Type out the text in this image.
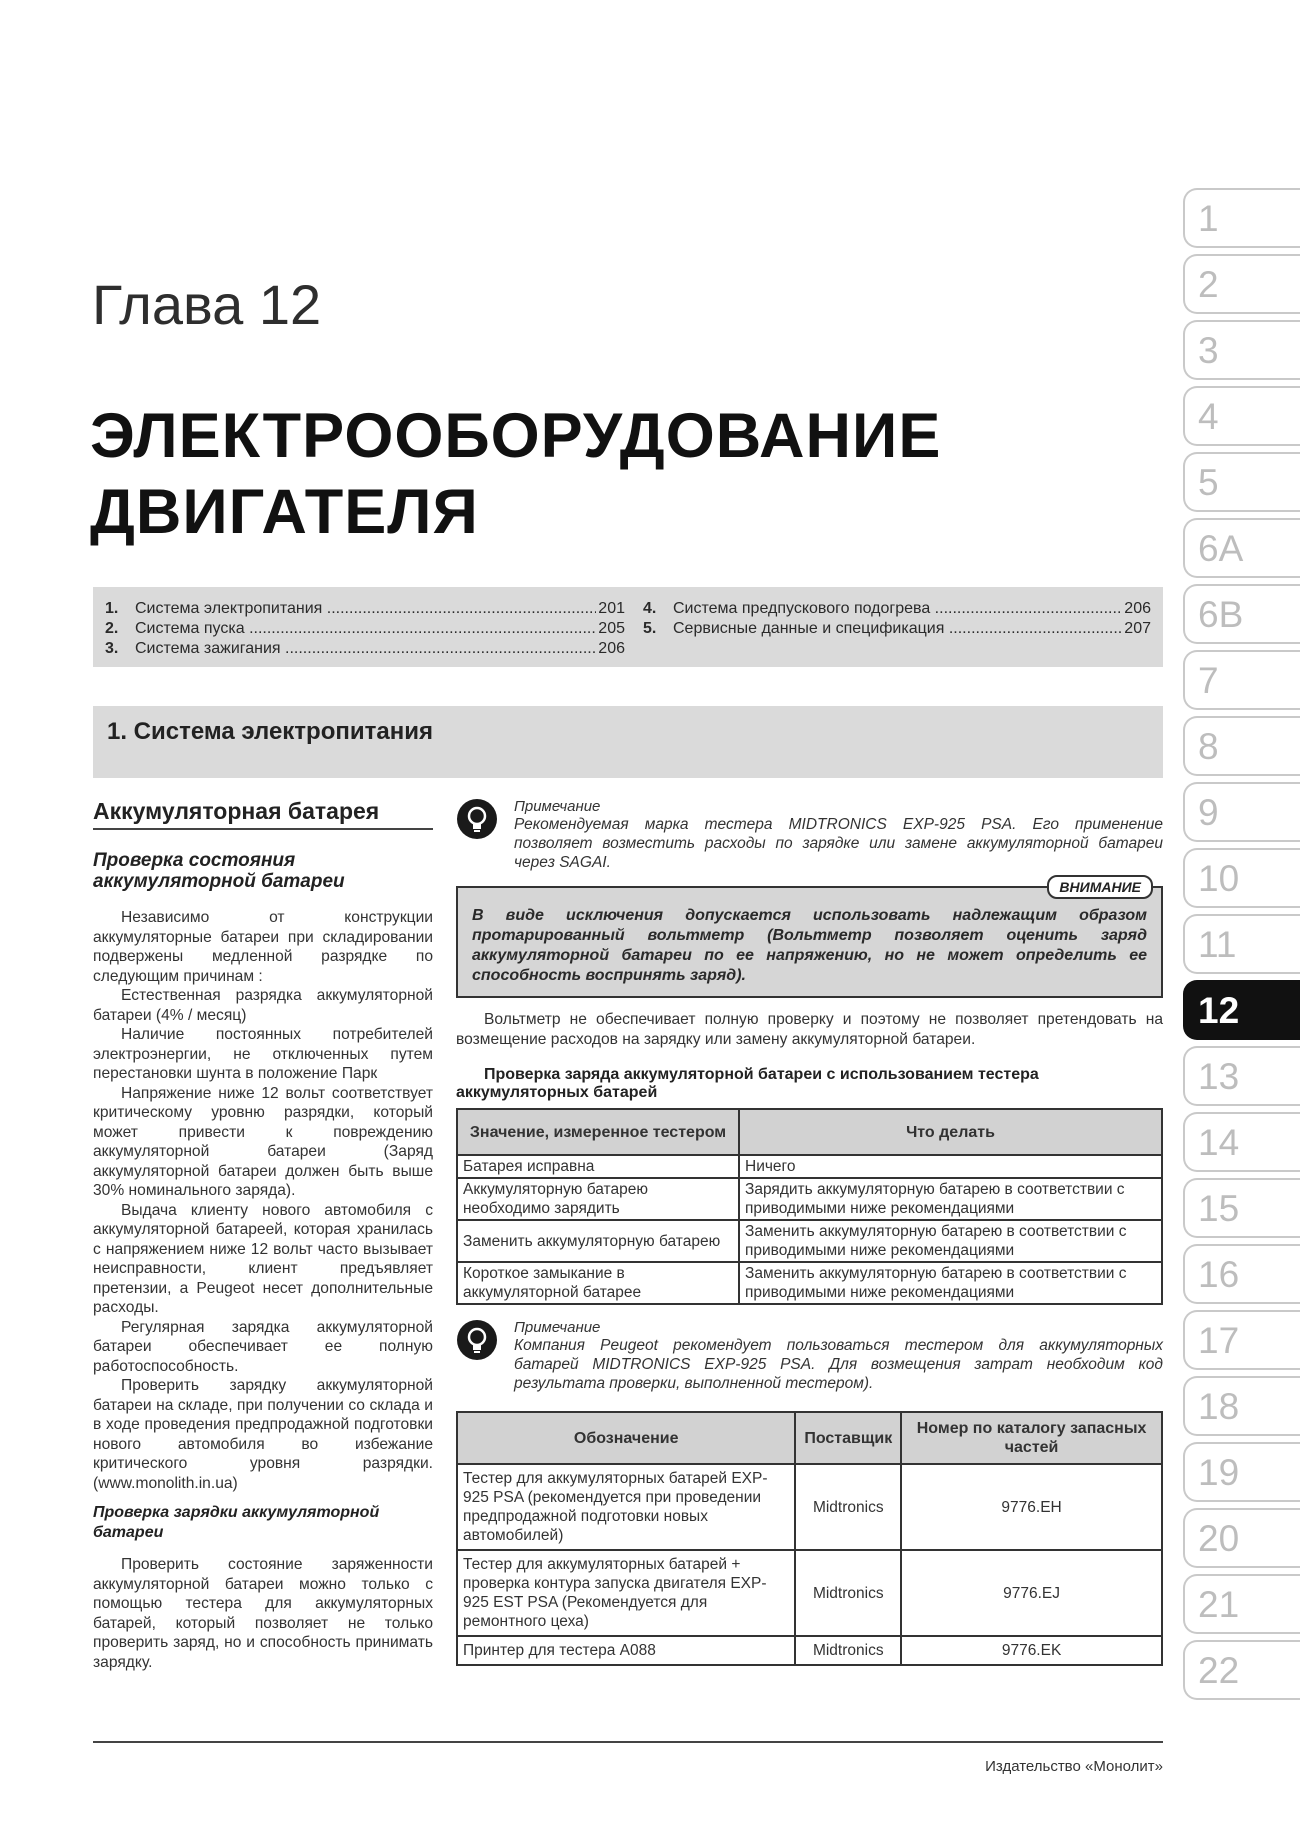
Глава 12
ЭЛЕКТРООБОРУДОВАНИЕ
ДВИГАТЕЛЯ
1.	Система электропитания .....	201
2.	Система пуска .....	205
3.	Система зажигания .....	206
4.	Система предпускового подогрева .....	206
5.	Сервисные данные и спецификация .....	207
1. Система электропитания
Аккумуляторная батарея
Проверка состояния аккумуляторной батареи
Независимо от конструкции аккумуляторные батареи при складировании подвержены медленной разрядке по следующим причинам :
Естественная разрядка аккумуляторной батареи (4% / месяц)
Наличие постоянных потребителей электроэнергии, не отключенных путем перестановки шунта в положение Парк
Напряжение ниже 12 вольт соответствует критическому уровню разрядки, который может привести к повреждению аккумуляторной батареи (Заряд аккумуляторной батареи должен быть выше 30% номинального заряда).
Выдача клиенту нового автомобиля с аккумуляторной батареей, которая хранилась с напряжением ниже 12 вольт часто вызывает неисправности, клиент предъявляет претензии, а Peugeot несет дополнительные расходы.
Регулярная зарядка аккумуляторной батареи обеспечивает ее полную работоспособность.
Проверить зарядку аккумуляторной батареи на складе, при получении со склада и в ходе проведения предпродажной подготовки нового автомобиля во избежание критического уровня разрядки. (www.monolith.in.ua)
Проверка зарядки аккумуляторной батареи
Проверить состояние заряженности аккумуляторной батареи можно только с помощью тестера для аккумуляторных батарей, который позволяет не только проверить заряд, но и способность принимать зарядку.
Примечание
Рекомендуемая марка тестера MIDTRONICS EXP-925 PSA. Его применение позволяет возместить расходы по зарядке или замене аккумуляторной батареи через SAGAI.
ВНИМАНИЕ
В виде исключения допускается использовать надлежащим образом протарированный вольтметр (Вольтметр позволяет оценить заряд аккумуляторной батареи по ее напряжению, но не может определить ее способность воспринять заряд).
Вольтметр не обеспечивает полную проверку и поэтому не позволяет претендовать на возмещение расходов на зарядку или замену аккумуляторной батареи.
Проверка заряда аккумуляторной батареи с использованием тестера аккумуляторных батарей
Значение, измеренное тестером	Что делать
Батарея исправна	Ничего
Аккумуляторную батарею необходимо зарядить	Зарядить аккумуляторную батарею в соответствии с приводимыми ниже рекомендациями
Заменить аккумуляторную батарею	Заменить аккумуляторную батарею в соответствии с приводимыми ниже рекомендациями
Короткое замыкание в аккумуляторной батарее	Заменить аккумуляторную батарею в соответствии с приводимыми ниже рекомендациями
Примечание
Компания Peugeot рекомендует пользоваться тестером для аккумуляторных батарей MIDTRONICS EXP-925 PSA. Для возмещения затрат необходим код результата проверки, выполненной тестером).
Обозначение	Поставщик	Номер по каталогу запасных частей
Тестер для аккумуляторных батарей EXP-925 PSA (рекомендуется при проведении предпродажной подготовки новых автомобилей)	Midtronics	9776.EH
Тестер для аккумуляторных батарей + проверка контура запуска двигателя EXP-925 EST PSA (Рекомендуется для ремонтного цеха)	Midtronics	9776.EJ
Принтер для тестера A088	Midtronics	9776.EK
Издательство «Монолит»
1
2
3
4
5
6A
6B
7
8
9
10
11
12
13
14
15
16
17
18
19
20
21
22
